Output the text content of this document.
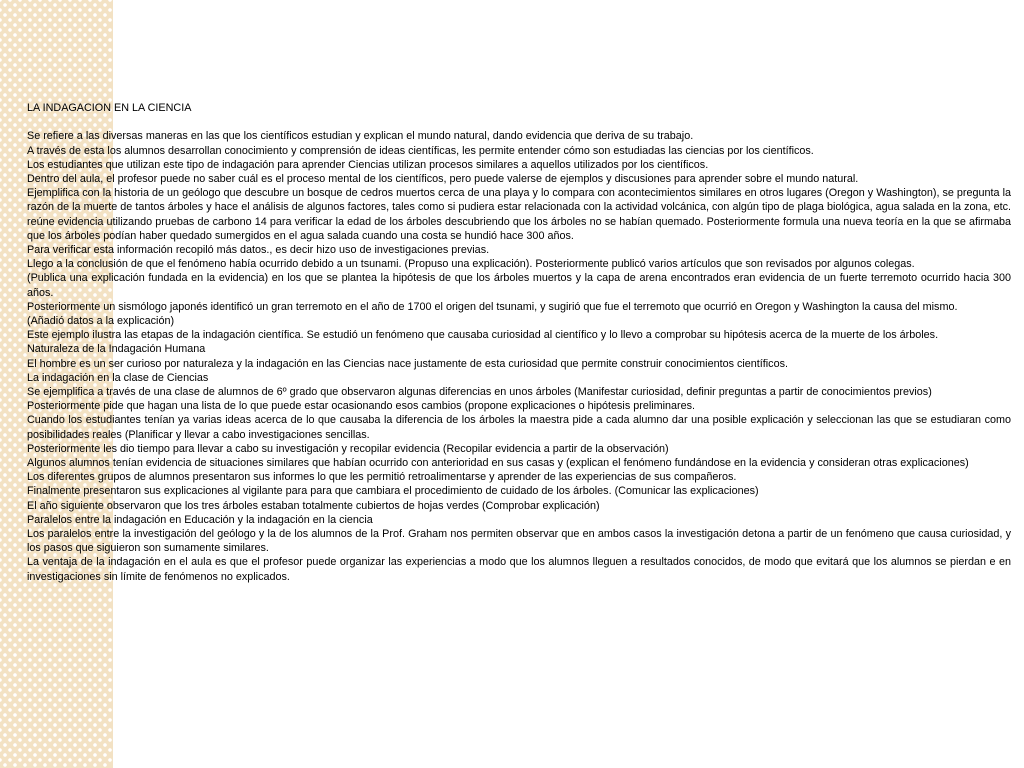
LA INDAGACION EN LA CIENCIA

Se refiere a las diversas maneras en las que los científicos estudian y explican el mundo natural, dando evidencia que deriva de su trabajo.

A través de esta los alumnos desarrollan conocimiento y comprensión de ideas científicas, les permite entender cómo son estudiadas las ciencias por los científicos.

Los estudiantes que utilizan este tipo de indagación para aprender Ciencias utilizan procesos similares a aquellos utilizados por los científicos.

Dentro del aula, el profesor puede no saber cuál es el proceso mental de los científicos, pero puede valerse de ejemplos y discusiones para aprender sobre el mundo natural.

Ejemplifica con la historia de un geólogo que descubre un bosque de cedros muertos cerca de una playa y lo compara con acontecimientos similares en otros lugares (Oregon y Washington), se pregunta la razón de la muerte de tantos árboles y hace el análisis de algunos factores, tales como si pudiera estar relacionada con la actividad volcánica, con algún tipo de plaga biológica, agua salada en la zona, etc. reúne evidencia utilizando pruebas de carbono 14 para verificar la edad de los árboles descubriendo que los árboles no se habían quemado. Posteriormente formula una nueva teoría en la que se afirmaba que los árboles podían haber quedado sumergidos en el agua salada cuando una costa se hundió hace 300 años.

Para verificar esta información recopiló más datos., es decir hizo uso de investigaciones previas.

Llego a la conclusión de que el fenómeno había ocurrido debido a un tsunami. (Propuso una explicación). Posteriormente publicó varios artículos que son revisados por algunos colegas.

(Publica una explicación fundada en la evidencia) en los que se plantea la hipótesis de que los árboles muertos y la capa de arena encontrados eran evidencia de un fuerte terremoto ocurrido hacia 300 años.

Posteriormente un sismólogo japonés identificó un gran terremoto en el año de 1700 el origen del tsunami, y sugirió que fue el terremoto que ocurrió en Oregon y Washington la causa del mismo.

(Añadió datos a la explicación)

Este ejemplo ilustra las etapas de la indagación científica. Se estudió un fenómeno que causaba curiosidad al científico y lo llevo a comprobar su hipótesis acerca de la muerte de los árboles.

Naturaleza de la Indagación Humana

El hombre es un ser curioso por naturaleza y la indagación en las Ciencias nace justamente de esta curiosidad que permite construir conocimientos científicos.

La indagación en la clase de Ciencias

Se ejemplifica a través de una clase de alumnos de 6º grado que observaron algunas diferencias en unos árboles (Manifestar curiosidad, definir preguntas a partir de conocimientos previos)

Posteriormente pide que hagan una lista de lo que puede estar ocasionando esos cambios (propone explicaciones o hipótesis preliminares.

Cuando los estudiantes tenían ya varias ideas acerca de lo que causaba la diferencia de los árboles la maestra pide a cada alumno dar una posible explicación y seleccionan las que se estudiaran como posibilidades reales (Planificar y llevar a cabo investigaciones sencillas.

Posteriormente les dio tiempo para llevar a cabo su investigación y recopilar evidencia (Recopilar evidencia a partir de la observación)

Algunos alumnos tenían evidencia de situaciones similares que habían ocurrido con anterioridad en sus casas y (explican el fenómeno fundándose en la evidencia y consideran otras explicaciones)

Los diferentes grupos de alumnos presentaron sus informes lo que les permitió retroalimentarse y aprender de las experiencias de sus compañeros.

Finalmente presentaron sus explicaciones al vigilante para para que cambiara el procedimiento de cuidado de los árboles. (Comunicar las explicaciones)

El año siguiente observaron que los tres árboles estaban totalmente cubiertos de hojas verdes (Comprobar explicación)

Paralelos entre la indagación en Educación y la indagación en la ciencia

Los paralelos entre la investigación del geólogo y la de los alumnos de la Prof. Graham nos permiten observar que en ambos casos la investigación detona a partir de un fenómeno que causa curiosidad, y los pasos que siguieron son sumamente similares.

La ventaja de la indagación en el aula es que el profesor puede organizar las experiencias a modo que los alumnos lleguen a resultados conocidos, de modo que evitará que los alumnos se pierdan e en investigaciones sin límite de fenómenos no explicados.
